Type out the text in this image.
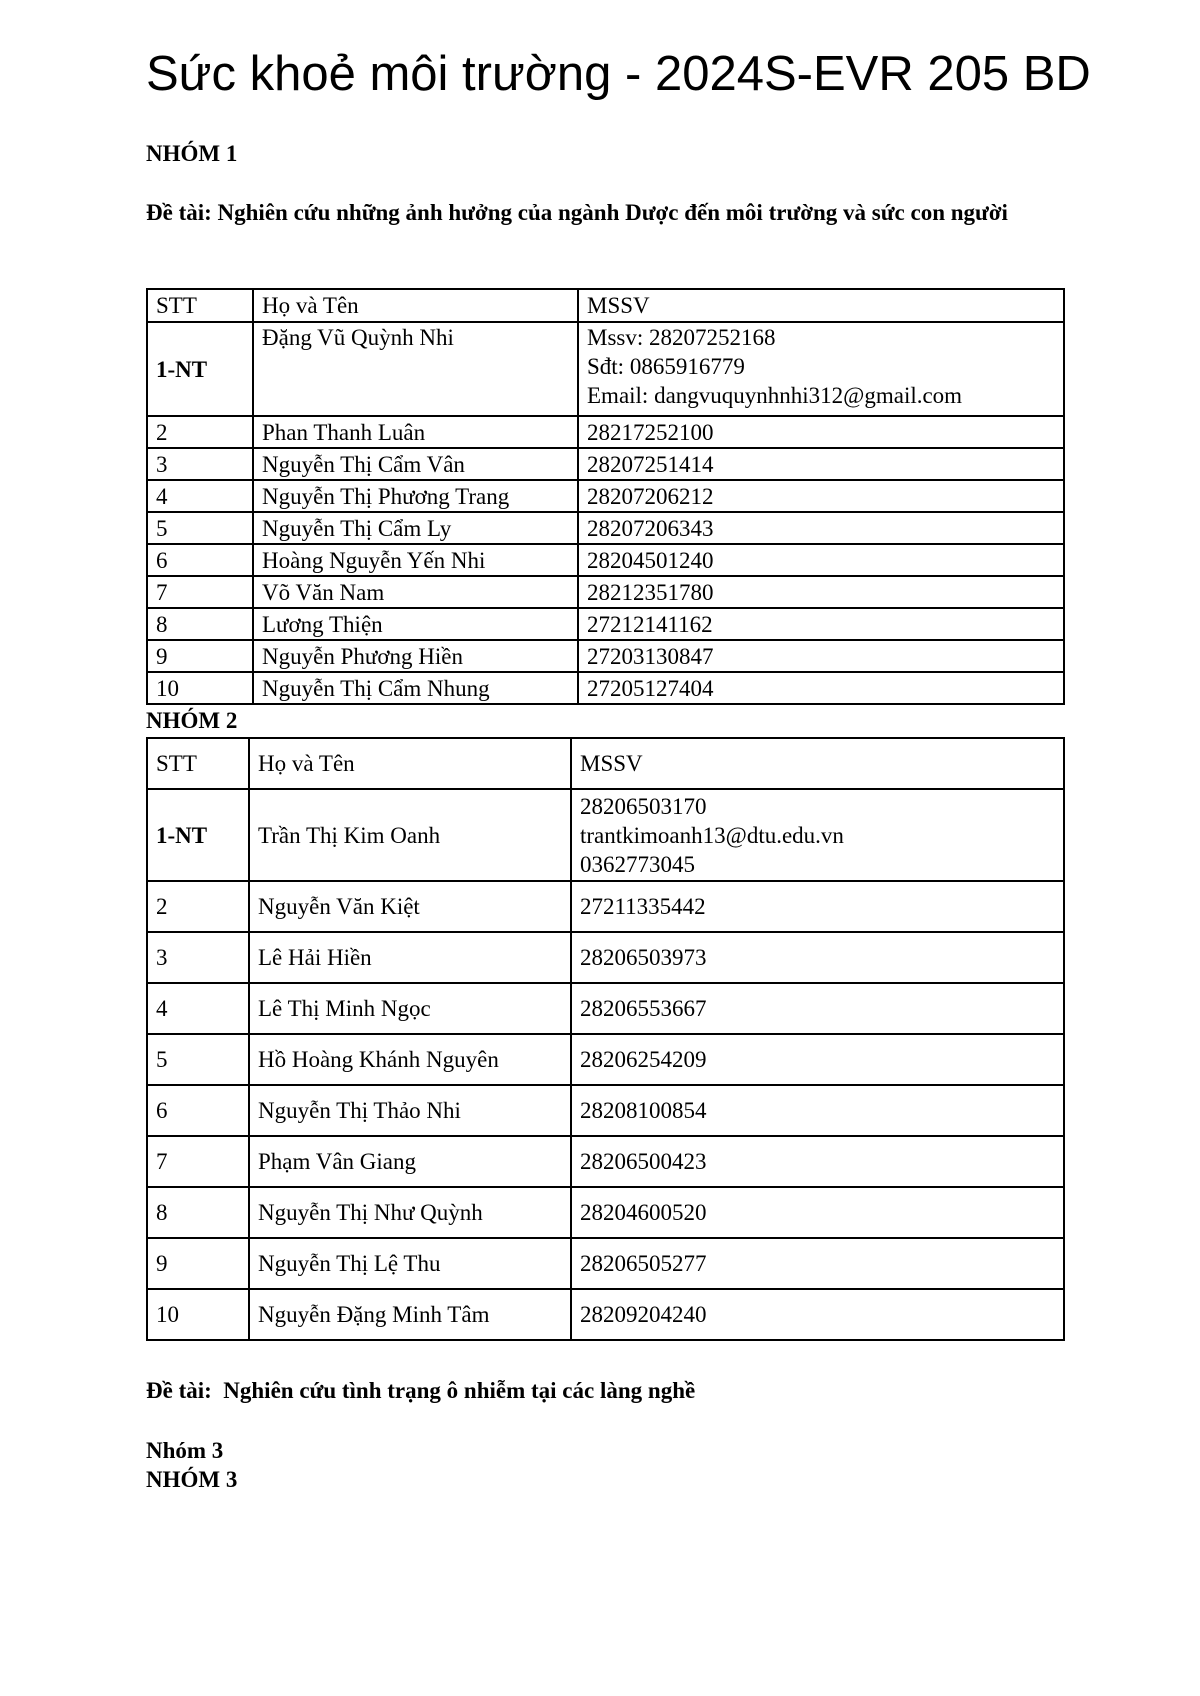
Sức khoẻ môi trường - 2024S-EVR 205 BD
NHÓM 1
Đề tài: Nghiên cứu những ảnh hưởng của ngành Dược đến môi trường và sức con người
STT	Họ và Tên	MSSV
1-NT	Đặng Vũ Quỳnh Nhi	Mssv: 28207252168
Sđt: 0865916779
Email: dangvuquynhnhi312@gmail.com

2	Phan Thanh Luân	28217252100
3	Nguyễn Thị Cẩm Vân	28207251414
4	Nguyễn Thị Phương Trang	28207206212
5	Nguyễn Thị Cẩm Ly	28207206343
6	Hoàng Nguyễn Yến Nhi	28204501240
7	Võ Văn Nam	28212351780
8	Lương Thiện	27212141162
9	Nguyễn Phương Hiền	27203130847
10	Nguyễn Thị Cẩm Nhung	27205127404
NHÓM 2
STT	Họ và Tên	MSSV
1-NT	Trần Thị Kim Oanh	28206503170
trantkimoanh13@dtu.edu.vn
0362773045

2	Nguyễn Văn Kiệt	27211335442
3	Lê Hải Hiền	28206503973
4	Lê Thị Minh Ngọc	28206553667
5	Hồ Hoàng Khánh Nguyên	28206254209
6	Nguyễn Thị Thảo Nhi	28208100854
7	Phạm Vân Giang	28206500423
8	Nguyễn Thị Như Quỳnh	28204600520
9	Nguyễn Thị Lệ Thu	28206505277
10	Nguyễn Đặng Minh Tâm	28209204240
Đề tài:  Nghiên cứu tình trạng ô nhiễm tại các làng nghề
Nhóm 3
NHÓM 3
